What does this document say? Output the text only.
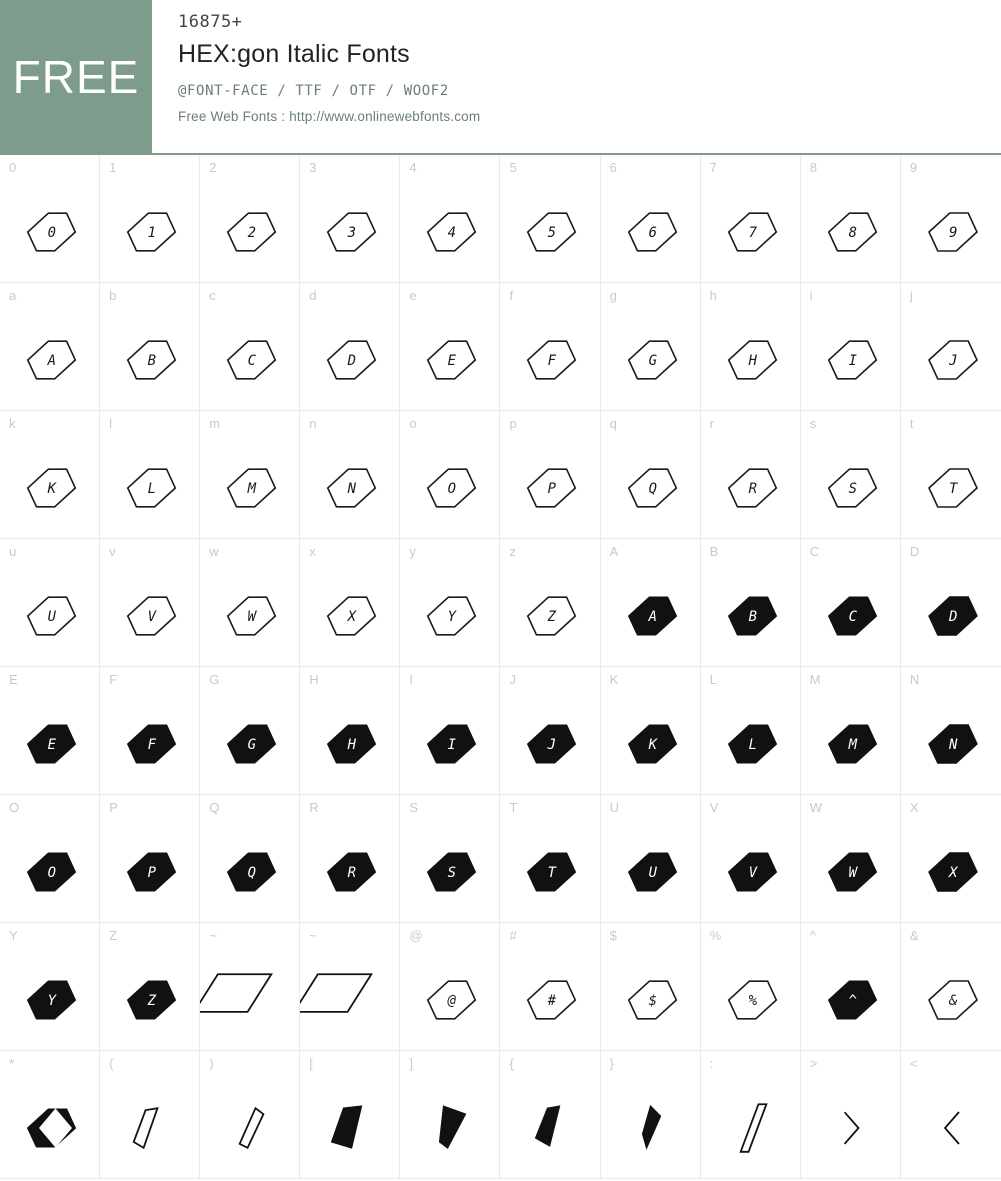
FREE
16875+
HEX:gon Italic Fonts
@FONT-FACE / TTF / OTF / WOOF2
Free Web Fonts : http://www.onlinewebfonts.com
0
0
1
1
2
2
3
3
4
4
5
5
6
6
7
7
8
8
9
9
a
A
b
B
c
C
d
D
e
E
f
F
g
G
h
H
i
I
j
J
k
K
l
L
m
M
n
N
o
O
p
P
q
Q
r
R
s
S
t
T
u
U
v
V
w
W
x
X
y
Y
z
Z
A
A
B
B
C
C
D
D
E
E
F
F
G
G
H
H
I
I
J
J
K
K
L
L
M
M
N
N
O
O
P
P
Q
Q
R
R
S
S
T
T
U
U
V
V
W
W
X
X
Y
Y
Z
Z
~	~	@
@
#
#
$
$
%
%
^
^
&
&
*	(	)	[	]	{	}	:	>	<
